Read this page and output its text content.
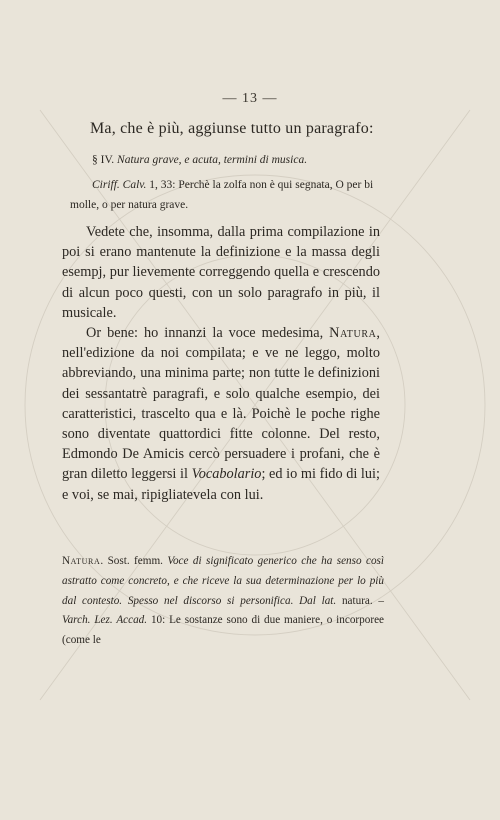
— 13 —
Ma, che è più, aggiunse tutto un paragrafo:
§ IV. Natura grave, e acuta, termini di musica.
Ciriff. Calv. 1, 33: Perchè la zolfa non è qui segnata, O per bi molle, o per natura grave.

Vedete che, insomma, dalla prima compilazione in poi si erano mantenute la definizione e la massa degli esempj, pur lievemente correggendo quella e crescendo di alcun poco questi, con un solo paragrafo in più, il musicale.

Or bene: ho innanzi la voce medesima, Natura, nell'edizione da noi compilata; e ve ne leggo, molto abbreviando, una minima parte; non tutte le definizioni dei sessantatrè paragrafi, e solo qualche esempio, dei caratteristici, trascelto qua e là. Poichè le poche righe sono diventate quattordici fitte colonne. Del resto, Edmondo De Amicis cercò persuadere i profani, che è gran diletto leggersi il Vocabolario; ed io mi fido di lui; e voi, se mai, ripigliatevela con lui.

Natura. Sost. femm. Voce di significato generico che ha senso così astratto come concreto, e che riceve la sua determinazione per lo più dal contesto. Spesso nel discorso si personifica. Dal lat. natura. – Varch. Lez. Accad. 10: Le sostanze sono di due maniere, o incorporee (come le
